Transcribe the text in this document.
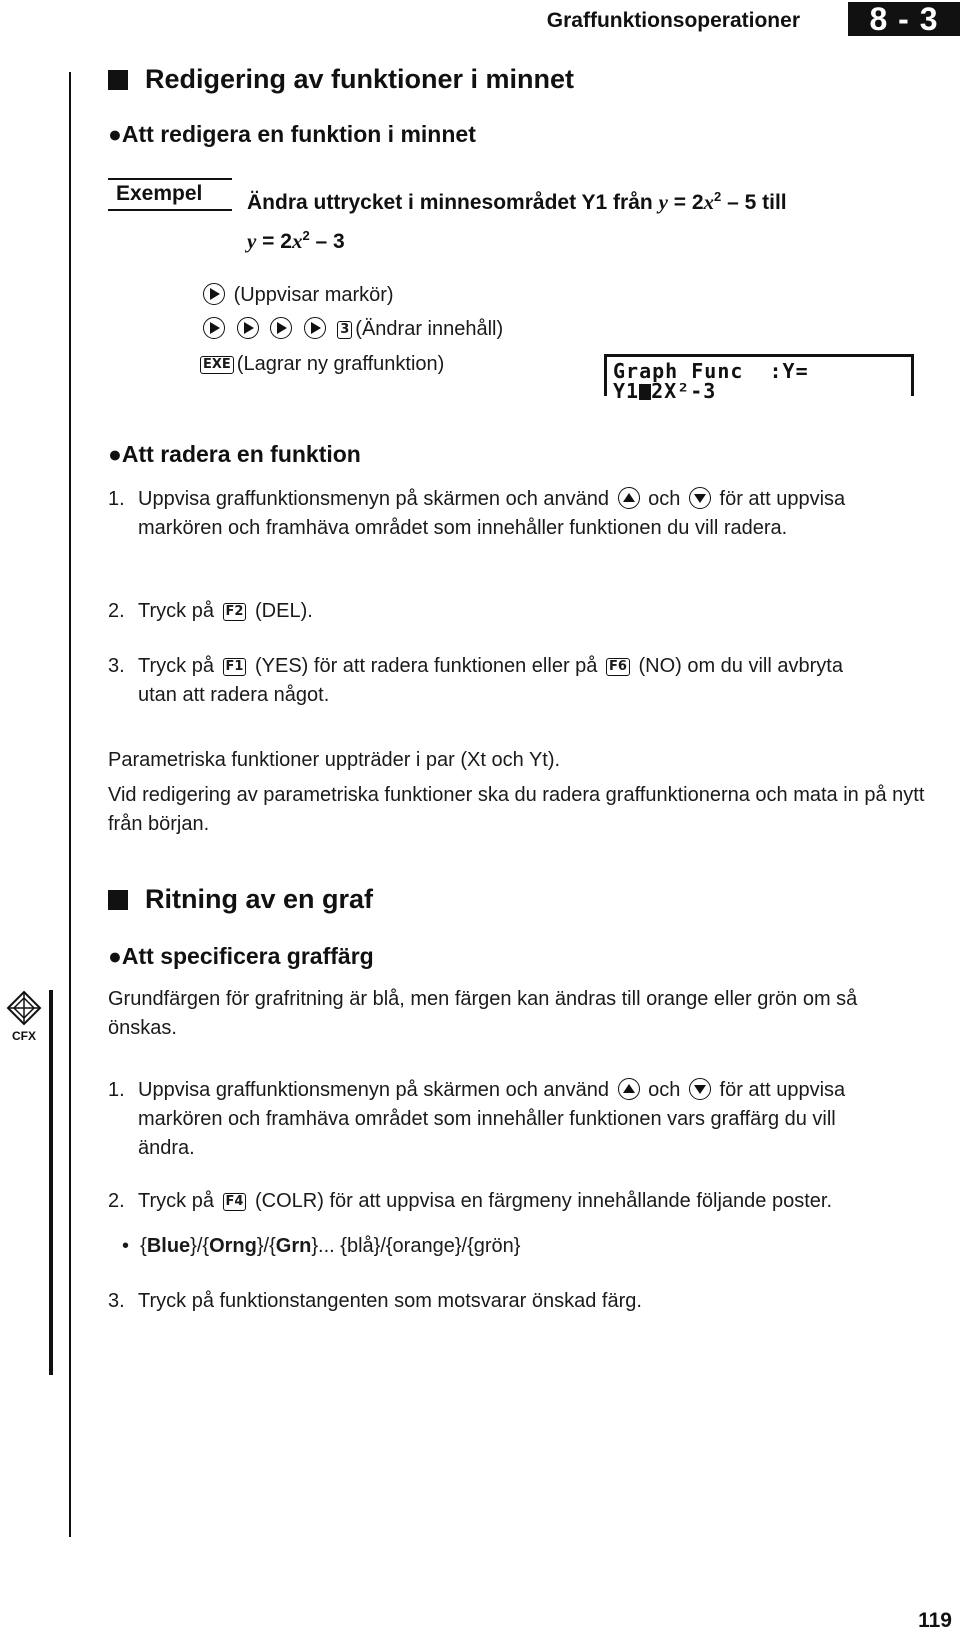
Graffunktionsoperationer	8 - 3
CFX
Redigering av funktioner i minnet
●Att redigera en funktion i minnet
Exempel	Ändra uttrycket i minnesområdet Y1 från $y = 2x^2 - 5$ till
$y = 2x^2 - 3$
(Uppvisar markör)

3 (Ändrar innehåll)
EXE (Lagrar ny graffunktion)	Graph Func  :Y=
Y1 2X²-3
●Att radera en funktion
1. Uppvisa graffunktionsmenyn på skärmen och använd och för att uppvisa markören och framhäva området som innehåller funktionen du vill radera.
2. Tryck på F2 (DEL).
3. Tryck på F1 (YES) för att radera funktionen eller på F6 (NO) om du vill avbryta utan att radera något.
Parametriska funktioner uppträder i par (Xt och Yt).
Vid redigering av parametriska funktioner ska du radera graffunktionerna och mata in på nytt från början.
Ritning av en graf
●Att specificera graffärg
Grundfärgen för grafritning är blå, men färgen kan ändras till orange eller grön om så önskas.
1. Uppvisa graffunktionsmenyn på skärmen och använd och för att uppvisa markören och framhäva området som innehåller funktionen vars graffärg du vill ändra.
2. Tryck på F4 (COLR) för att uppvisa en färgmeny innehållande följande poster.
• {Blue}/{Orng}/{Grn}... {blå}/{orange}/{grön}
3. Tryck på funktionstangenten som motsvarar önskad färg.
119
